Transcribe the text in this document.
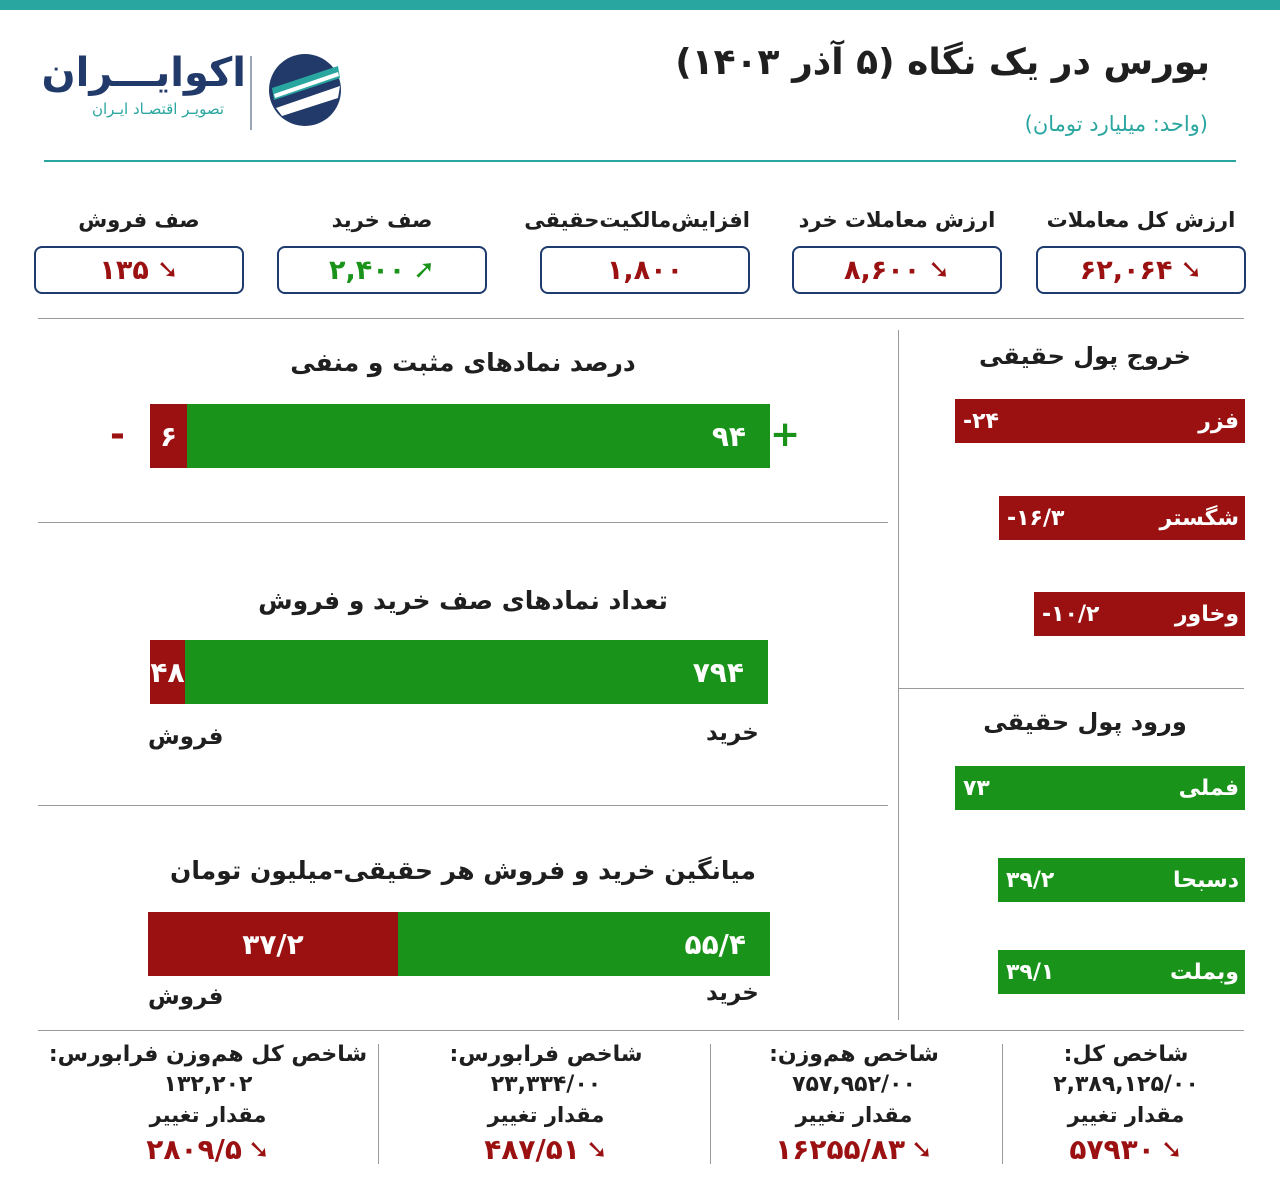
بورس در یک نگاه (۵ آذر ۱۴۰۳)
(واحد: میلیارد تومان)
اکوایـــران
تصویـر اقتصـاد ایـران
ارزش کل معاملات
۶۲,۰۶۴ ➘
ارزش معاملات خرد
۸,۶۰۰ ➘
افزایش‌مالکیت‌حقیقی
۱,۸۰۰
صف خرید
۲,۴۰۰ ➚
صف فروش
۱۳۵ ➘
درصد نمادهای مثبت و منفی
۶	۹۴ +
-
تعداد نمادهای صف خرید و فروش
۴۸	۷۹۴
خرید
فروش
میانگین خرید و فروش هر حقیقی-میلیون تومان
۳۷/۲	۵۵/۴
خرید
فروش
خروج پول حقیقی
-۲۴	فزر
-۱۶/۳	شگستر
-۱۰/۲	وخاور
ورود پول حقیقی
۷۳	فملی
۳۹/۲	دسبحا
۳۹/۱	وبملت
شاخص کل:
۲,۳۸۹,۱۲۵/۰۰
مقدار تغییر
۵۷۹۳۰ ➘
شاخص هم‌وزن:
۷۵۷,۹۵۲/۰۰
مقدار تغییر
۱۶۲۵۵/۸۳ ➘
شاخص فرابورس:
۲۳,۳۳۴/۰۰
مقدار تغییر
۴۸۷/۵۱ ➘
شاخص کل هم‌وزن فرابورس:
۱۳۲,۲۰۲
مقدار تغییر
۲۸۰۹/۵ ➘
